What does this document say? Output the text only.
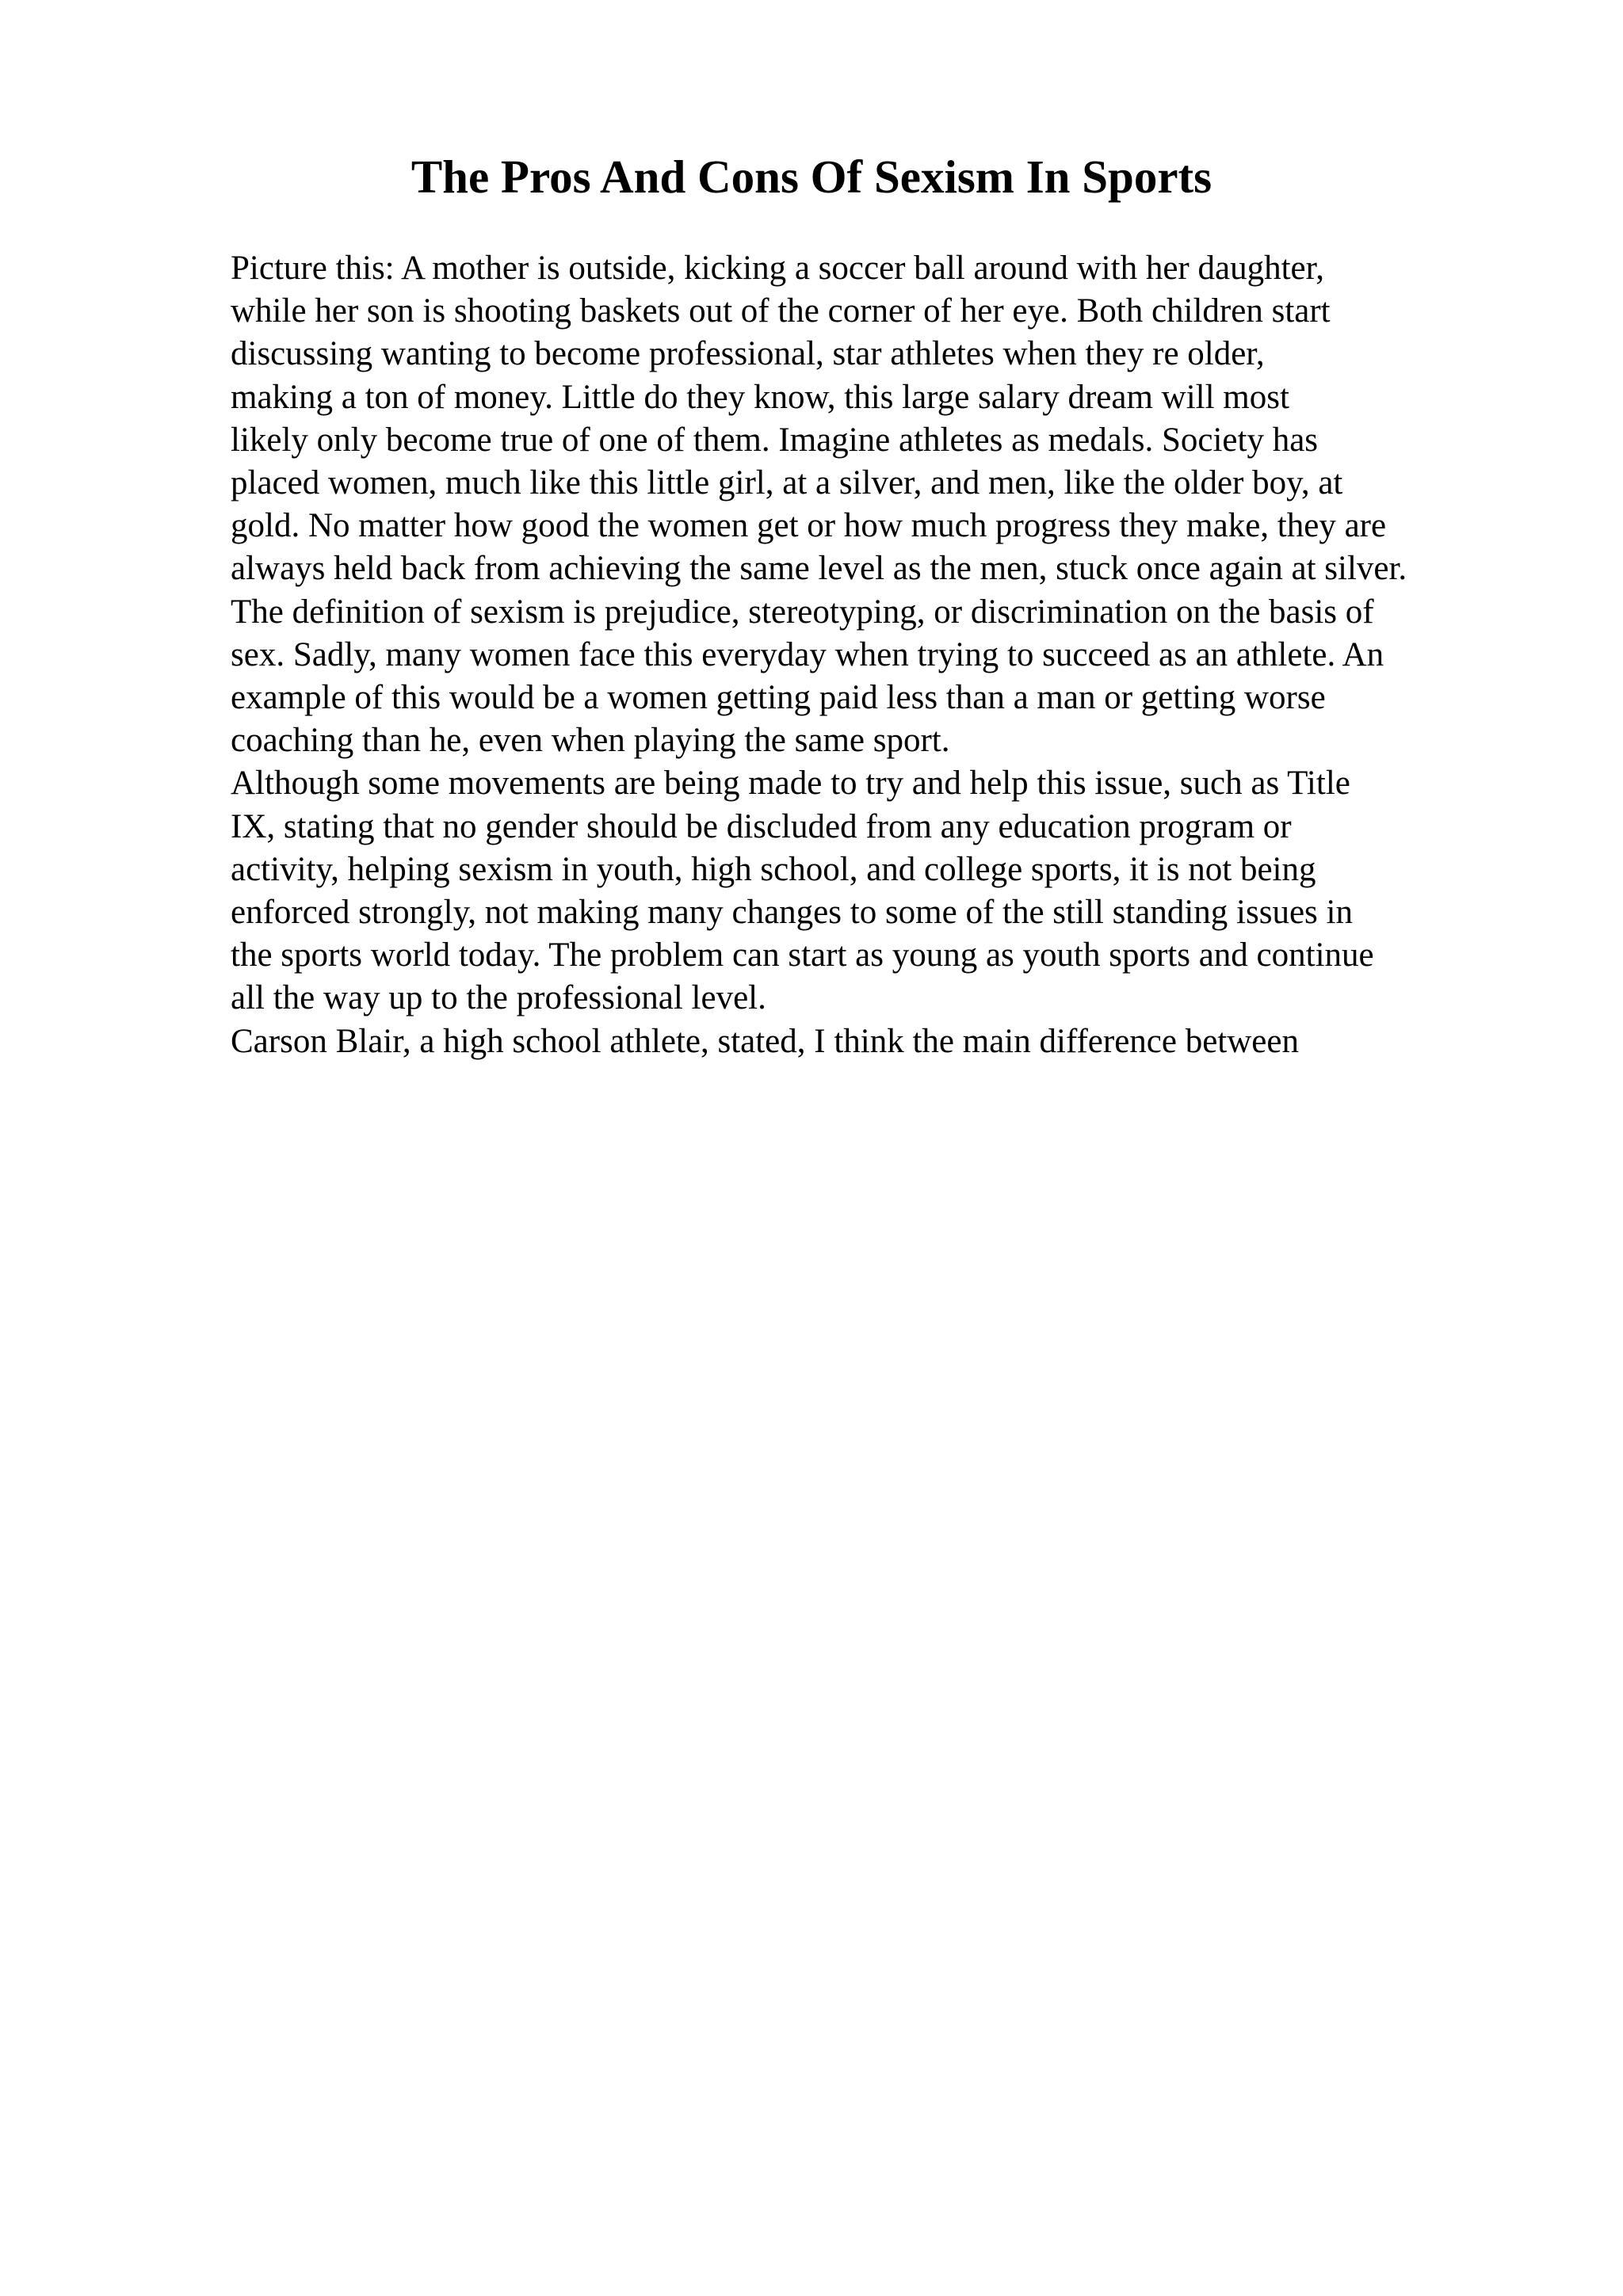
The Pros And Cons Of Sexism In Sports
Picture this: A mother is outside, kicking a soccer ball around with her daughter,
while her son is shooting baskets out of the corner of her eye. Both children start
discussing wanting to become professional, star athletes when they re older,
making a ton of money. Little do they know, this large salary dream will most
likely only become true of one of them. Imagine athletes as medals. Society has
placed women, much like this little girl, at a silver, and men, like the older boy, at
gold. No matter how good the women get or how much progress they make, they are
always held back from achieving the same level as the men, stuck once again at silver.
The definition of sexism is prejudice, stereotyping, or discrimination on the basis of
sex. Sadly, many women face this everyday when trying to succeed as an athlete. An
example of this would be a women getting paid less than a man or getting worse
coaching than he, even when playing the same sport.
Although some movements are being made to try and help this issue, such as Title
IX, stating that no gender should be discluded from any education program or
activity, helping sexism in youth, high school, and college sports, it is not being
enforced strongly, not making many changes to some of the still standing issues in
the sports world today. The problem can start as young as youth sports and continue
all the way up to the professional level.
Carson Blair, a high school athlete, stated, I think the main difference between
